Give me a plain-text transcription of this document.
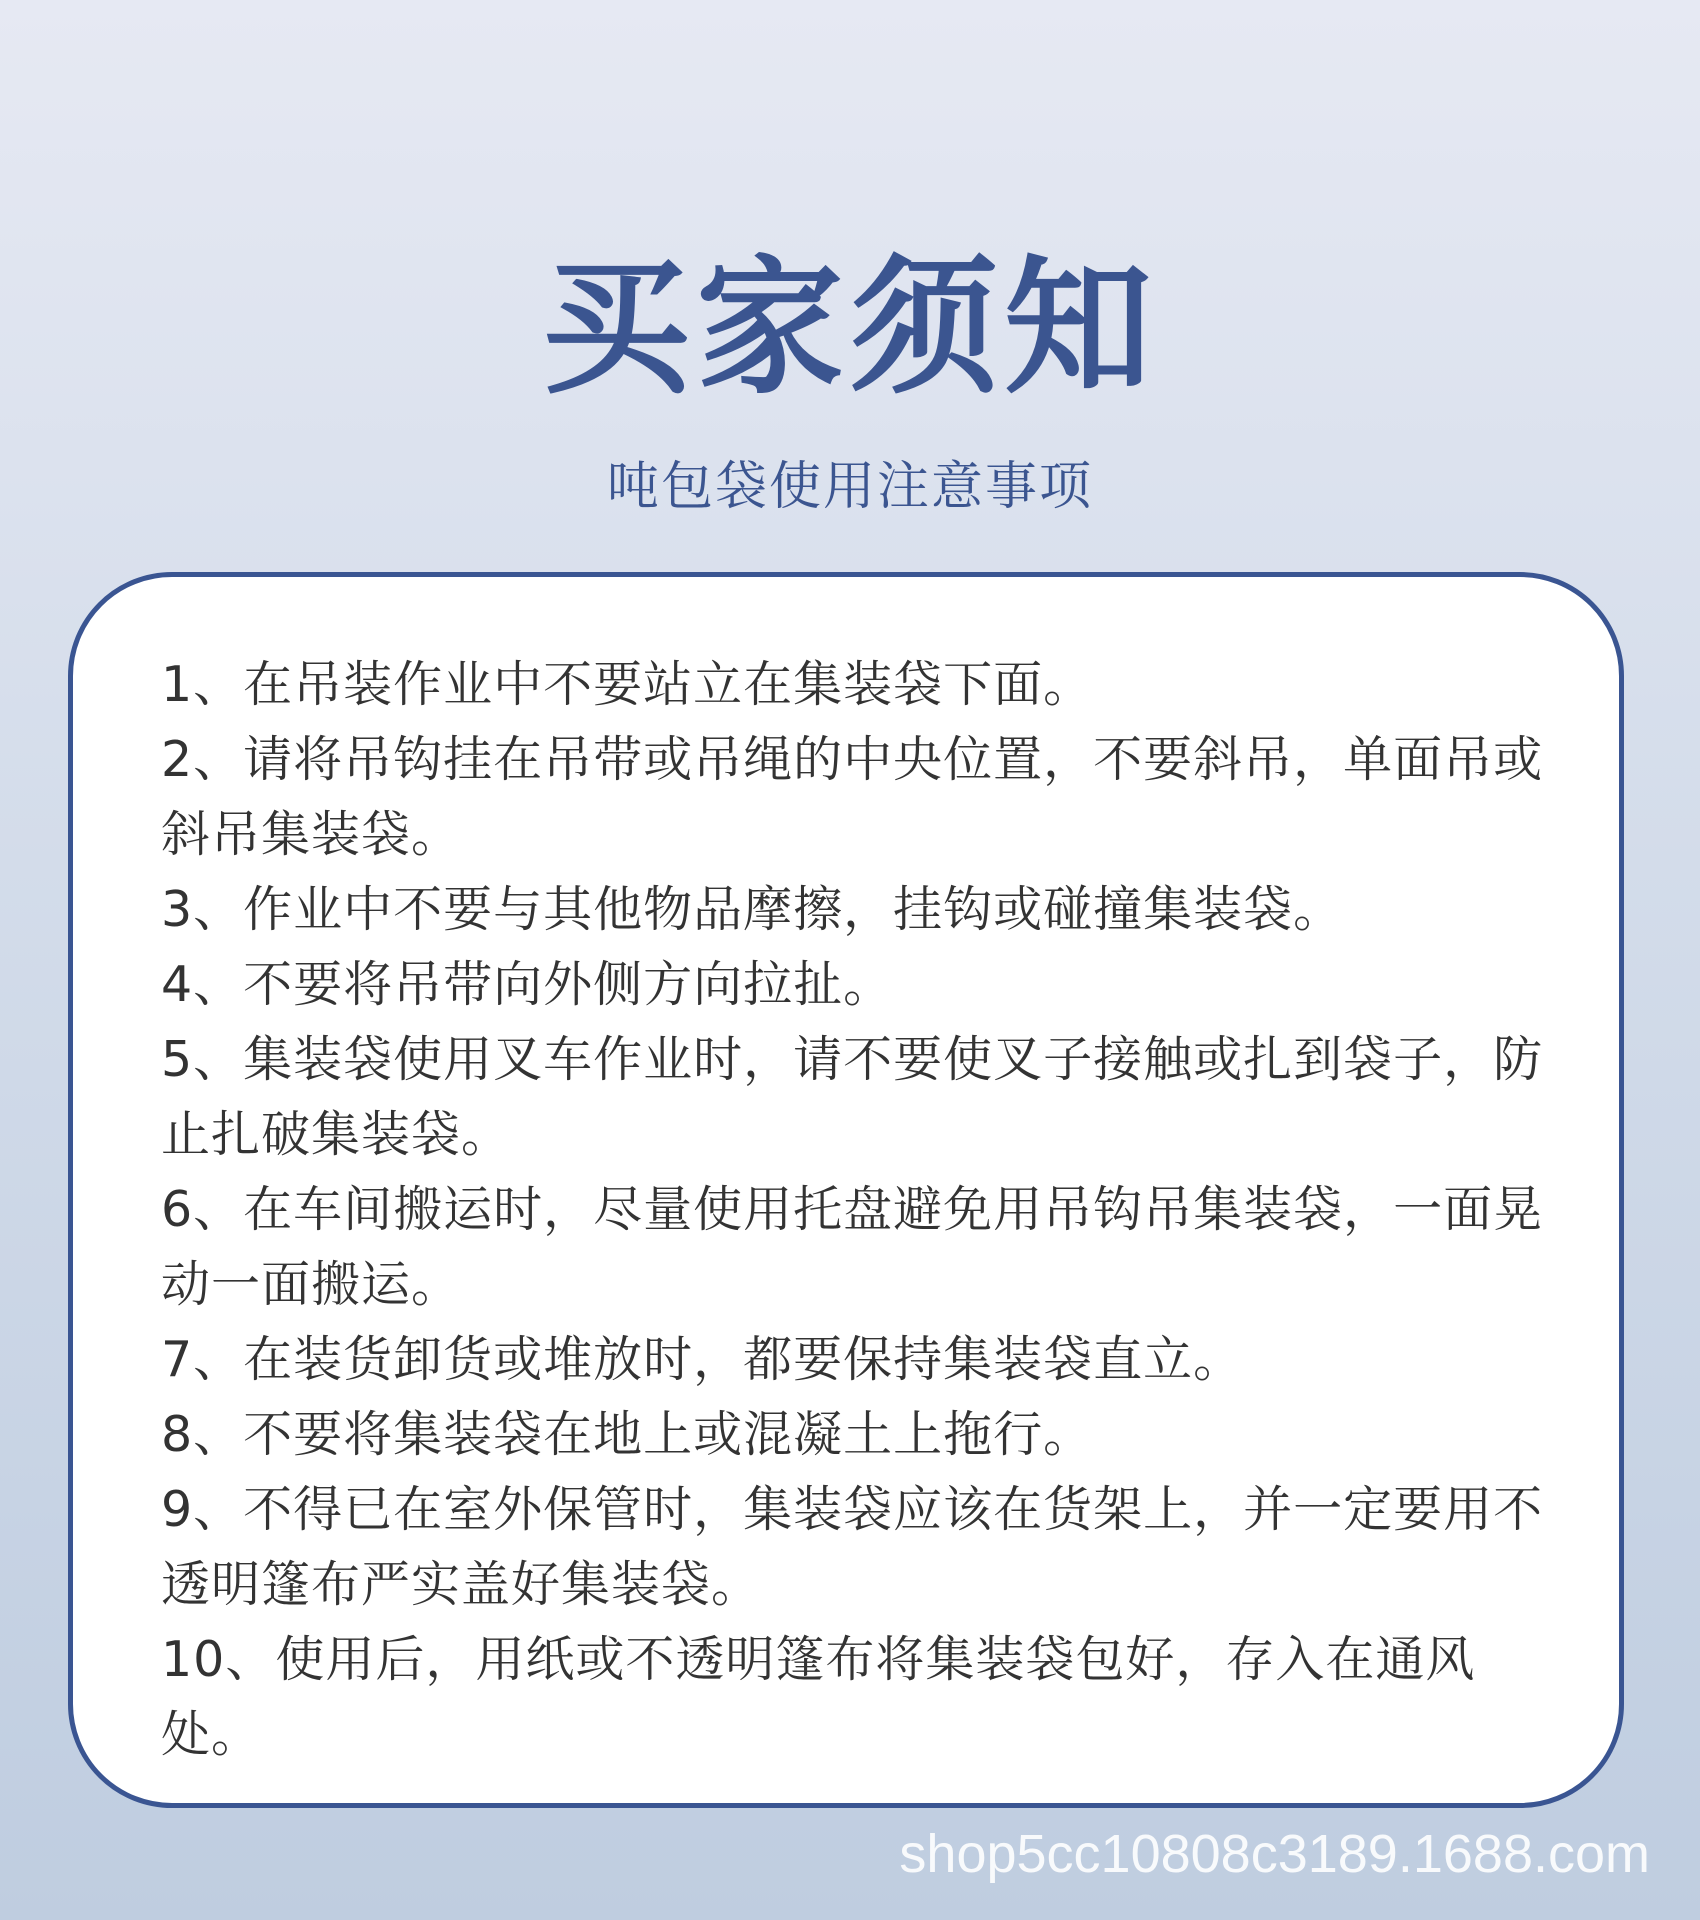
买家须知
吨包袋使用注意事项
1、在吊装作业中不要站立在集装袋下面。
2、请将吊钩挂在吊带或吊绳的中央位置，不要斜吊，单面吊或斜吊集装袋。
3、作业中不要与其他物品摩擦，挂钩或碰撞集装袋。
4、不要将吊带向外侧方向拉扯。
5、集装袋使用叉车作业时，请不要使叉子接触或扎到袋子，防止扎破集装袋。
6、在车间搬运时，尽量使用托盘避免用吊钩吊集装袋，一面晃动一面搬运。
7、在装货卸货或堆放时，都要保持集装袋直立。
8、不要将集装袋在地上或混凝土上拖行。
9、不得已在室外保管时，集装袋应该在货架上，并一定要用不透明篷布严实盖好集装袋。
10、使用后，用纸或不透明篷布将集装袋包好，存入在通风处。
shop5cc10808c3189.1688.com
